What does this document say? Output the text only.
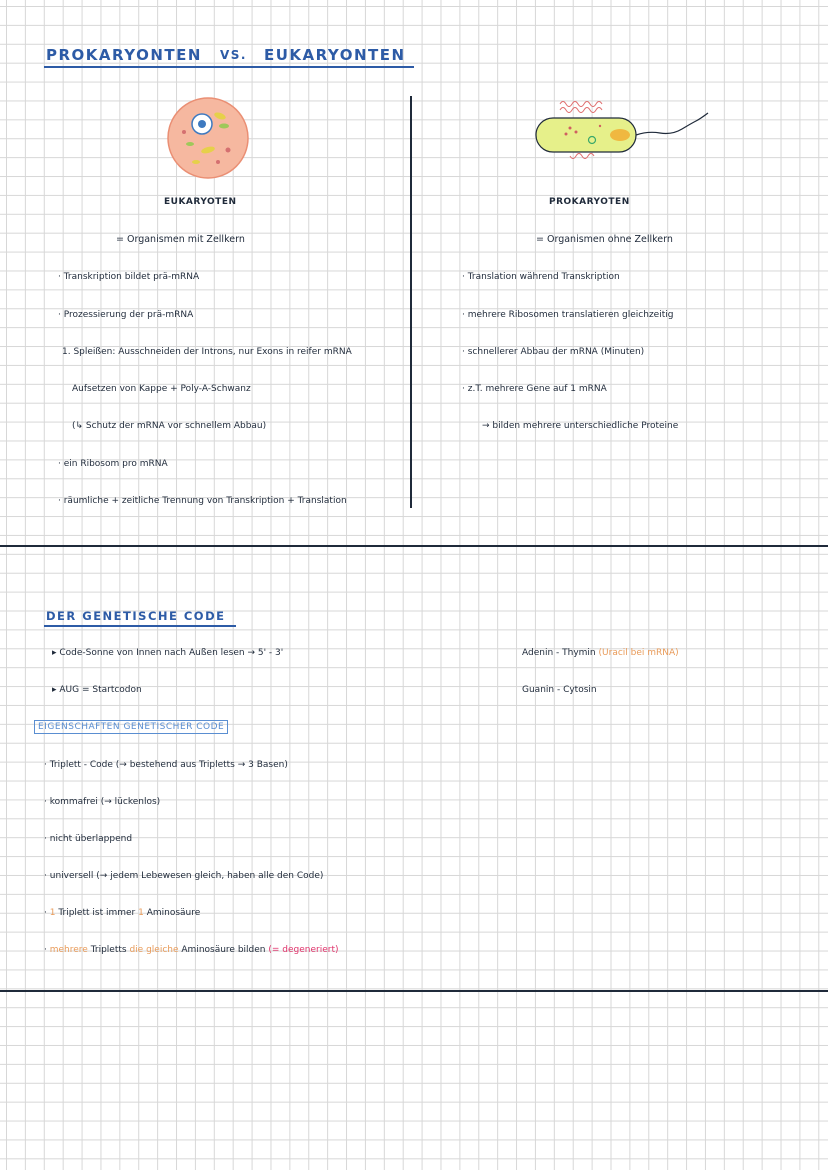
PROKARYONTEN VS. EUKARYONTEN
EUKARYOTEN
= Organismen mit Zellkern
· Transkription bildet prä-mRNA
· Prozessierung der prä-mRNA
1. Spleißen: Ausschneiden der Introns, nur Exons in reifer mRNA
Aufsetzen von Kappe + Poly-A-Schwanz
(↳ Schutz der mRNA vor schnellem Abbau)
· ein Ribosom pro mRNA
· räumliche + zeitliche Trennung von Transkription + Translation
PROKARYOTEN
= Organismen ohne Zellkern
· Translation während Transkription
· mehrere Ribosomen translatieren gleichzeitig
· schnellerer Abbau der mRNA (Minuten)
· z.T. mehrere Gene auf 1 mRNA
→ bilden mehrere unterschiedliche Proteine
DER GENETISCHE CODE
▸ Code-Sonne von Innen nach Außen lesen → 5' - 3'
▸ AUG = Startcodon
Adenin - Thymin (Uracil bei mRNA)
Guanin - Cytosin
EIGENSCHAFTEN GENETISCHER CODE
· Triplett - Code (→ bestehend aus Tripletts → 3 Basen)
· kommafrei (→ lückenlos)
· nicht überlappend
· universell (→ jedem Lebewesen gleich, haben alle den Code)
· 1 Triplett ist immer 1 Aminosäure
· mehrere Tripletts die gleiche Aminosäure bilden (= degeneriert)
